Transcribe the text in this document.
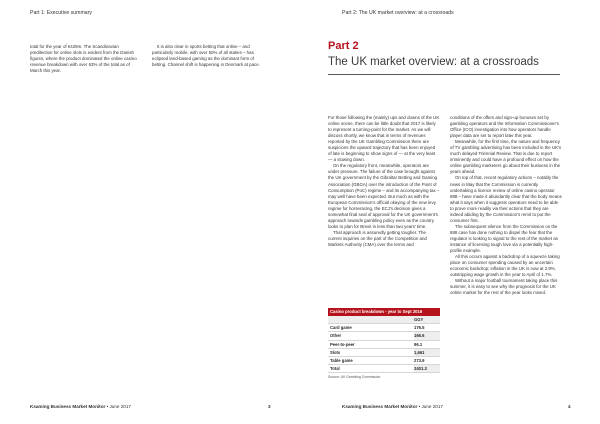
Part 1: Executive summary

total for the year of €429m. The Scandinavian predilection for online slots is evident from the Danish figures, where the product dominated the online casino revenue breakdown with over 63% of the total as of March this year.

It is also clear in sports betting that online – and particularly mobile, with over 50% of all stakes – has eclipsed land-based gaming as the dominant form of betting. Channel shift is happening in Denmark at pace.

Ksaming Business Market Monitor • June 2017	3
Part 2: The UK market overview: at a crossroads
Part 2
The UK market overview: at a crossroads

For those following the (mainly) ups and downs of the UK online scene, there can be little doubt that 2017 is likely to represent a turning-point for the market. As we will discuss shortly, we know that in terms of revenues reported by the UK Gambling Commission there are suspicions the upward trajectory that has been enjoyed of late is beginning to show signs of — at the very least — a slowing down.

On the regulatory front, meanwhile, operators are under pressure. The failure of the case brought against the UK government by the Gibraltar Betting and Gaming Association (GBGA) over the introduction of the Point of Consumption (PoC) regime – and its accompanying tax – may well have been expected. But much as with the European Commission's official okaying of the new levy regime for horseracing, the ECJ's decision gives a somewhat final seal of approval for the UK government's approach towards gambling policy even as the country looks to plan for Brexit in less than two years' time.

That approach is assuredly getting tougher. The current inquiries on the part of the Competition and Markets Authority (CMA) over the terms and

Casino product breakdown - year to Sept 2016
GGY
Card game	176.5
Other	166.6
Peer-to-peer	96.1
Slots	1,661
Table game	273.9
Total	2401.3
Source: UK Gambling Commission

conditions of the offers and sign-up bonuses set by gambling operators and the Information Commissioner's Office (ICO) investigation into how operators handle player data are set to report later this year.

Meanwhile, for the first time, the nature and frequency of TV gambling advertising has been included in the UK's much delayed Triennial Review. That is due to report imminently and could have a profound effect on how the online gambling marketers go about their business in the years ahead.

On top of that, recent regulatory actions – notably the news in May that the Commission is currently undertaking a licence review of online casino operator 888 – have made it abundantly clear that the body means what it says when it suggests operators need to be able to prove more readily via their actions that they are indeed abiding by the Commission's remit to put the consumer first.

The subsequent silence from the Commission on the 888 case has done nothing to dispel the fear that the regulator is looking to signal to the rest of the market an instance of licensing tough love via a potentially high-profile example.

All this occurs against a backdrop of a squeeze taking place on consumer spending caused by an uncertain economic backdrop; inflation in the UK is now at 2.9%, outstripping wage growth in the year to April of 1.7%.

Without a major football tournament taking place this summer, it is easy to see why the prognosis for the UK online market for the rest of the year looks mixed.

Ksaming Business Market Monitor • June 2017	4
